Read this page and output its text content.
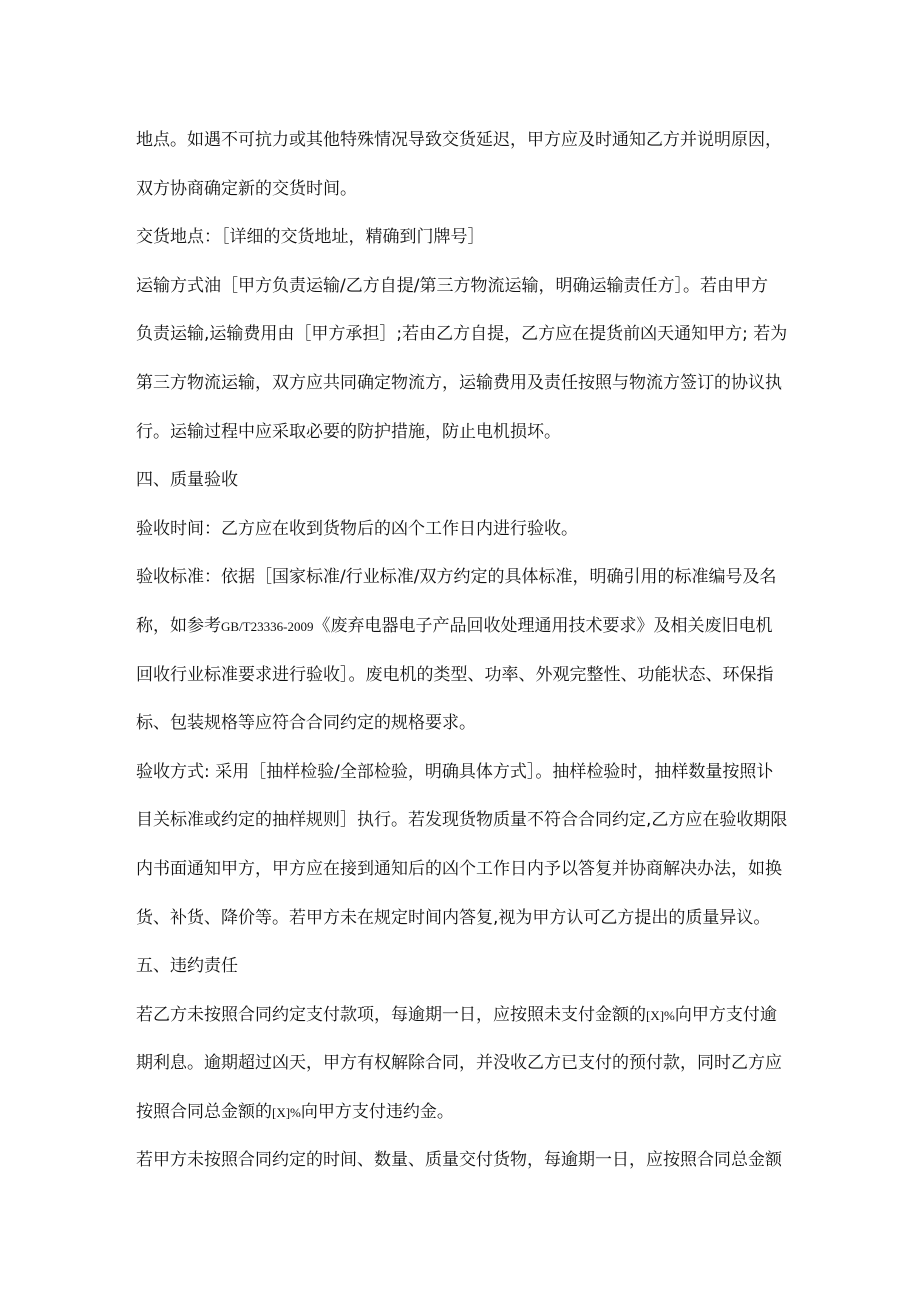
地点。如遇不可抗力或其他特殊情况导致交货延迟，甲方应及时通知乙方并说明原因，
双方协商确定新的交货时间。
交货地点：［详细的交货地址，精确到门牌号］
运输方式油［甲方负责运输/乙方自提/第三方物流运输，明确运输责任方］。若由甲方
负责运输,运输费用由［甲方承担］;若由乙方自提，乙方应在提货前凶天通知甲方; 若为
第三方物流运输，双方应共同确定物流方，运输费用及责任按照与物流方签订的协议执
行。运输过程中应采取必要的防护措施，防止电机损坏。
四、质量验收
验收时间：乙方应在收到货物后的凶个工作日内进行验收。
验收标准：依据［国家标准/行业标准/双方约定的具体标准，明确引用的标准编号及名
称，如参考GB/T23336-2009《废弃电器电子产品回收处理通用技术要求》及相关废旧电机
回收行业标准要求进行验收］。废电机的类型、功率、外观完整性、功能状态、环保指
标、包装规格等应符合合同约定的规格要求。
验收方式: 采用［抽样检验/全部检验，明确具体方式］。抽样检验时，抽样数量按照讣
目关标准或约定的抽样规则］执行。若发现货物质量不符合合同约定,乙方应在验收期限
内书面通知甲方，甲方应在接到通知后的凶个工作日内予以答复并协商解决办法，如换
货、补货、降价等。若甲方未在规定时间内答复,视为甲方认可乙方提出的质量异议。
五、违约责任
若乙方未按照合同约定支付款项，每逾期一日，应按照未支付金额的[X]%向甲方支付逾
期利息。逾期超过凶天，甲方有权解除合同，并没收乙方已支付的预付款，同时乙方应
按照合同总金额的[X]%向甲方支付违约金。
若甲方未按照合同约定的时间、数量、质量交付货物，每逾期一日，应按照合同总金额
